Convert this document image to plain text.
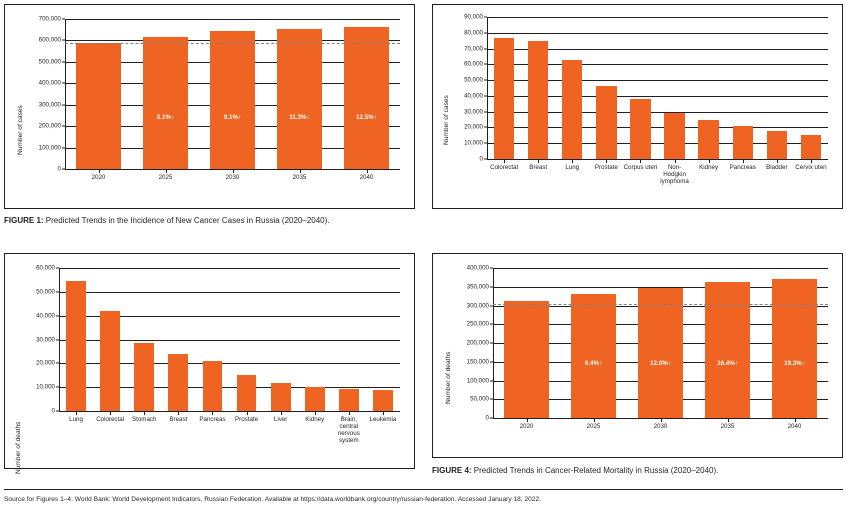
0
100,000
200,000
300,000
400,000
500,000
600,000
700,000
2020
5.1%↑
2025
9.1%↑
2030
11.3%↑
2035
12.5%↑
2040
Number of cases
FIGURE 1: Predicted Trends in the Incidence of New Cancer Cases in Russia (2020–2040).
0
10,000
20,000
30,000
40,000
50,000
60,000
70,000
80,000
90,000
Colorectal	Breast	Lung	Prostate Corpus uteri	Non-Hodgkin lymphoma
Kidney	Pancreas	Bladder	Cervix uteri
Number of cases
0
10,000
20,000
30,000
40,000
50,000
60,000
Lung	Colorectal	Stomach	Breast	Pancreas	Prostate	Liver	Kidney	Brain, central nervous system
Leukemia
Number of deaths
0
50,000
100,000
150,000
200,000
250,000
300,000
350,000
400,000
2020
6.4%↑
2025
12.0%↑
2030
16.4%↑
2035
19.3%↑
2040
Number of deaths
FIGURE 4: Predicted Trends in Cancer-Related Mortality in Russia (2020–2040).
Source for Figures 1–4: World Bank: World Development Indicators, Russian Federation. Available at https://data.worldbank.org/country/russian-federation. Accessed January 18, 2022.
